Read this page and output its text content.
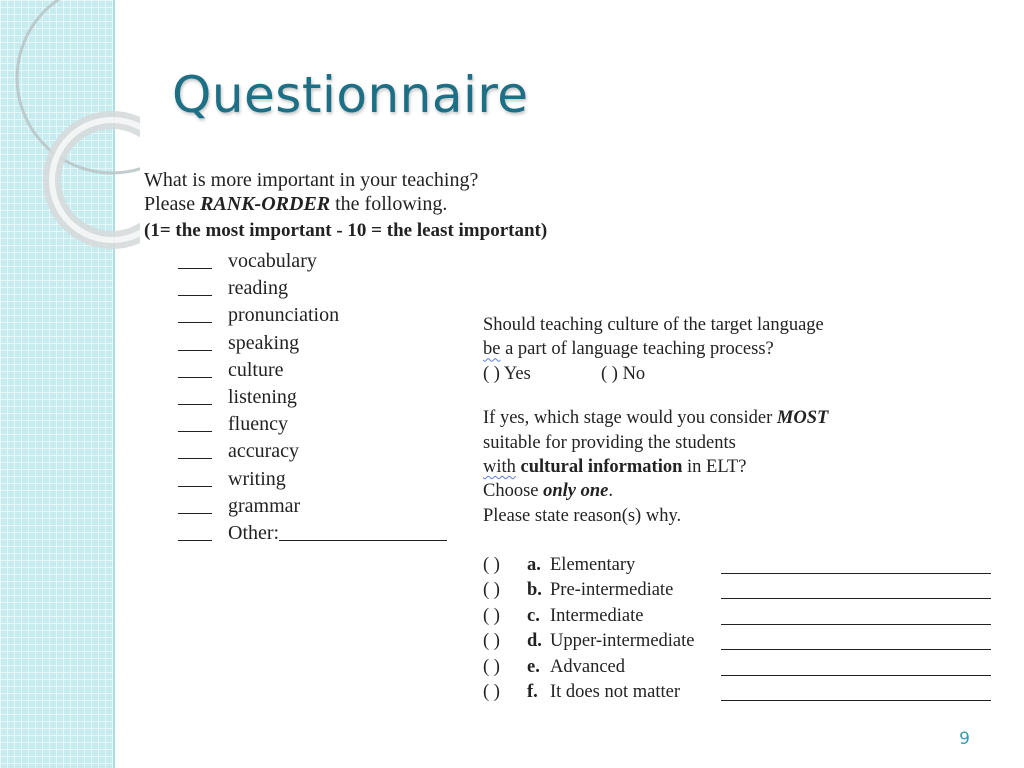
Questionnaire
What is more important in your teaching?
Please RANK-ORDER the following.
(1= the most important - 10 = the least important)
vocabulary
reading
pronunciation
speaking
culture
listening
fluency
accuracy
writing
grammar
Other:
Should teaching culture of the target language
be a part of language teaching process?
( ) Yes	( ) No
If yes, which stage would you consider MOST
suitable for providing the students
with cultural information in ELT?
Choose only one.
Please state reason(s) why.
( ) a. Elementary
( ) b. Pre-intermediate
( ) c. Intermediate
( ) d. Upper-intermediate
( ) e. Advanced
( ) f. It does not matter
9
